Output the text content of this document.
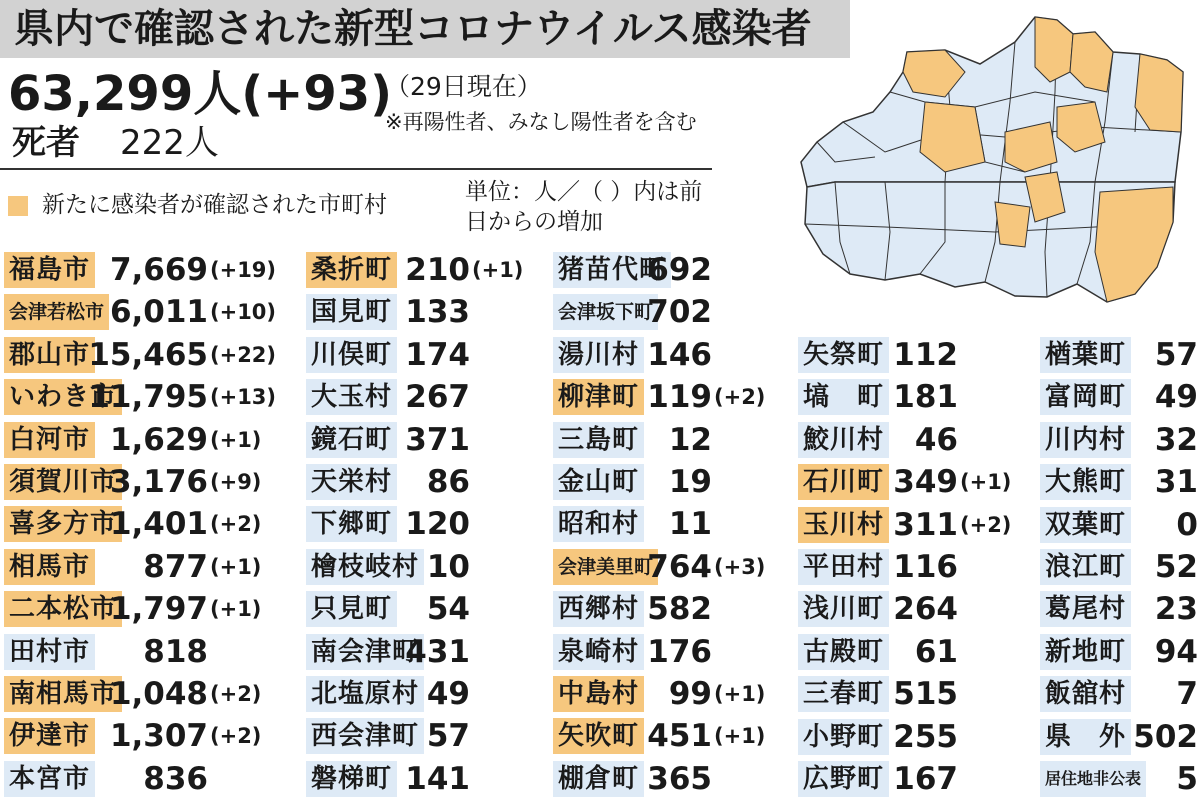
県内で確認された新型コロナウイルス感染者
63,299人(+93)
（29日現在）
※再陽性者、みなし陽性者を含む
死者 222人
新たに感染者が確認された市町村	単位：人／（ ）内は前日からの増加
福島市 7,669 (+19)
会津若松市 6,011 (+10)
郡山市
15,465 (+22)
いわき市
11,795 (+13)
白河市 1,629 (+1)
須賀川市
3,176 (+9)
喜多方市
1,401 (+2)
相馬市 877 (+1)
二本松市
1,797 (+1)
田村市 818
南相馬市
1,048 (+2)
伊達市 1,307 (+2)
本宮市 836
桑折町 210 (+1)
国見町 133
川俣町 174
大玉村 267
鏡石町 371
天栄村 86
下郷町 120
檜枝岐村 10
只見町 54
南会津町
431
北塩原村 49
西会津町 57
磐梯町 141
猪苗代町
692
会津坂下町
702
湯川村 146
柳津町 119 (+2)
三島町 12
金山町 19
昭和村 11
会津美里町
764 (+3)
西郷村 582
泉崎村 176
中島村 99 (+1)
矢吹町 451 (+1)
棚倉町 365
矢祭町 112
塙　町 181
鮫川村 46
石川町 349 (+1)
玉川村 311 (+2)
平田村 116
浅川町 264
古殿町 61
三春町 515
小野町 255
広野町 167
楢葉町 57
富岡町 49
川内村 32
大熊町 31
双葉町 0
浪江町 52
葛尾村 23
新地町 94
飯舘村 7
県　外 502
居住地非公表 5
